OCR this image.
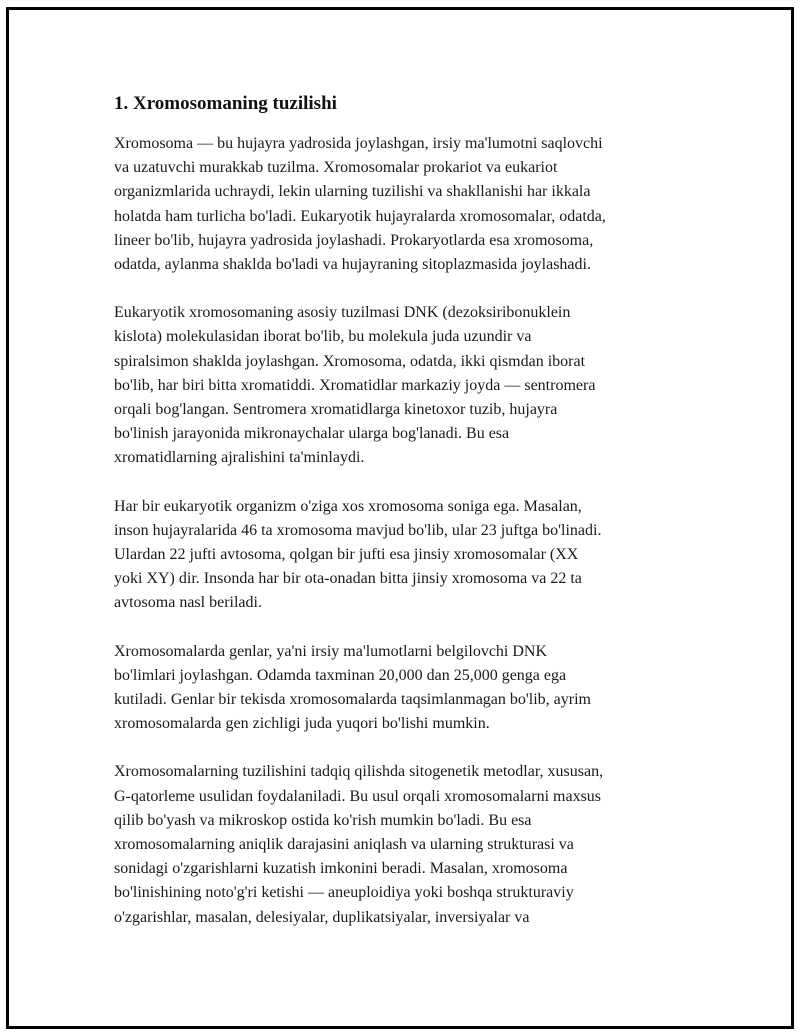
1. Xromosomaning tuzilishi

Xromosoma — bu hujayra yadrosida joylashgan, irsiy ma'lumotni saqlovchi
va uzatuvchi murakkab tuzilma. Xromosomalar prokariot va eukariot
organizmlarida uchraydi, lekin ularning tuzilishi va shakllanishi har ikkala
holatda ham turlicha bo'ladi. Eukaryotik hujayralarda xromosomalar, odatda,
lineer bo'lib, hujayra yadrosida joylashadi. Prokaryotlarda esa xromosoma,
odatda, aylanma shaklda bo'ladi va hujayraning sitoplazmasida joylashadi.

Eukaryotik xromosomaning asosiy tuzilmasi DNK (dezoksiribonuklein
kislota) molekulasidan iborat bo'lib, bu molekula juda uzundir va
spiralsimon shaklda joylashgan. Xromosoma, odatda, ikki qismdan iborat
bo'lib, har biri bitta xromatiddi. Xromatidlar markaziy joyda — sentromera
orqali bog'langan. Sentromera xromatidlarga kinetoxor tuzib, hujayra
bo'linish jarayonida mikronaychalar ularga bog'lanadi. Bu esa
xromatidlarning ajralishini ta'minlaydi.

Har bir eukaryotik organizm o'ziga xos xromosoma soniga ega. Masalan,
inson hujayralarida 46 ta xromosoma mavjud bo'lib, ular 23 juftga bo'linadi.
Ulardan 22 jufti avtosoma, qolgan bir jufti esa jinsiy xromosomalar (XX
yoki XY) dir. Insonda har bir ota-onadan bitta jinsiy xromosoma va 22 ta
avtosoma nasl beriladi.

Xromosomalarda genlar, ya'ni irsiy ma'lumotlarni belgilovchi DNK
bo'limlari joylashgan. Odamda taxminan 20,000 dan 25,000 genga ega
kutiladi. Genlar bir tekisda xromosomalarda taqsimlanmagan bo'lib, ayrim
xromosomalarda gen zichligi juda yuqori bo'lishi mumkin.

Xromosomalarning tuzilishini tadqiq qilishda sitogenetik metodlar, xususan,
G-qatorleme usulidan foydalaniladi. Bu usul orqali xromosomalarni maxsus
qilib bo'yash va mikroskop ostida ko'rish mumkin bo'ladi. Bu esa
xromosomalarning aniqlik darajasini aniqlash va ularning strukturasi va
sonidagi o'zgarishlarni kuzatish imkonini beradi. Masalan, xromosoma
bo'linishining noto'g'ri ketishi — aneuploidiya yoki boshqa strukturaviy
o'zgarishlar, masalan, delesiyalar, duplikatsiyalar, inversiyalar va
